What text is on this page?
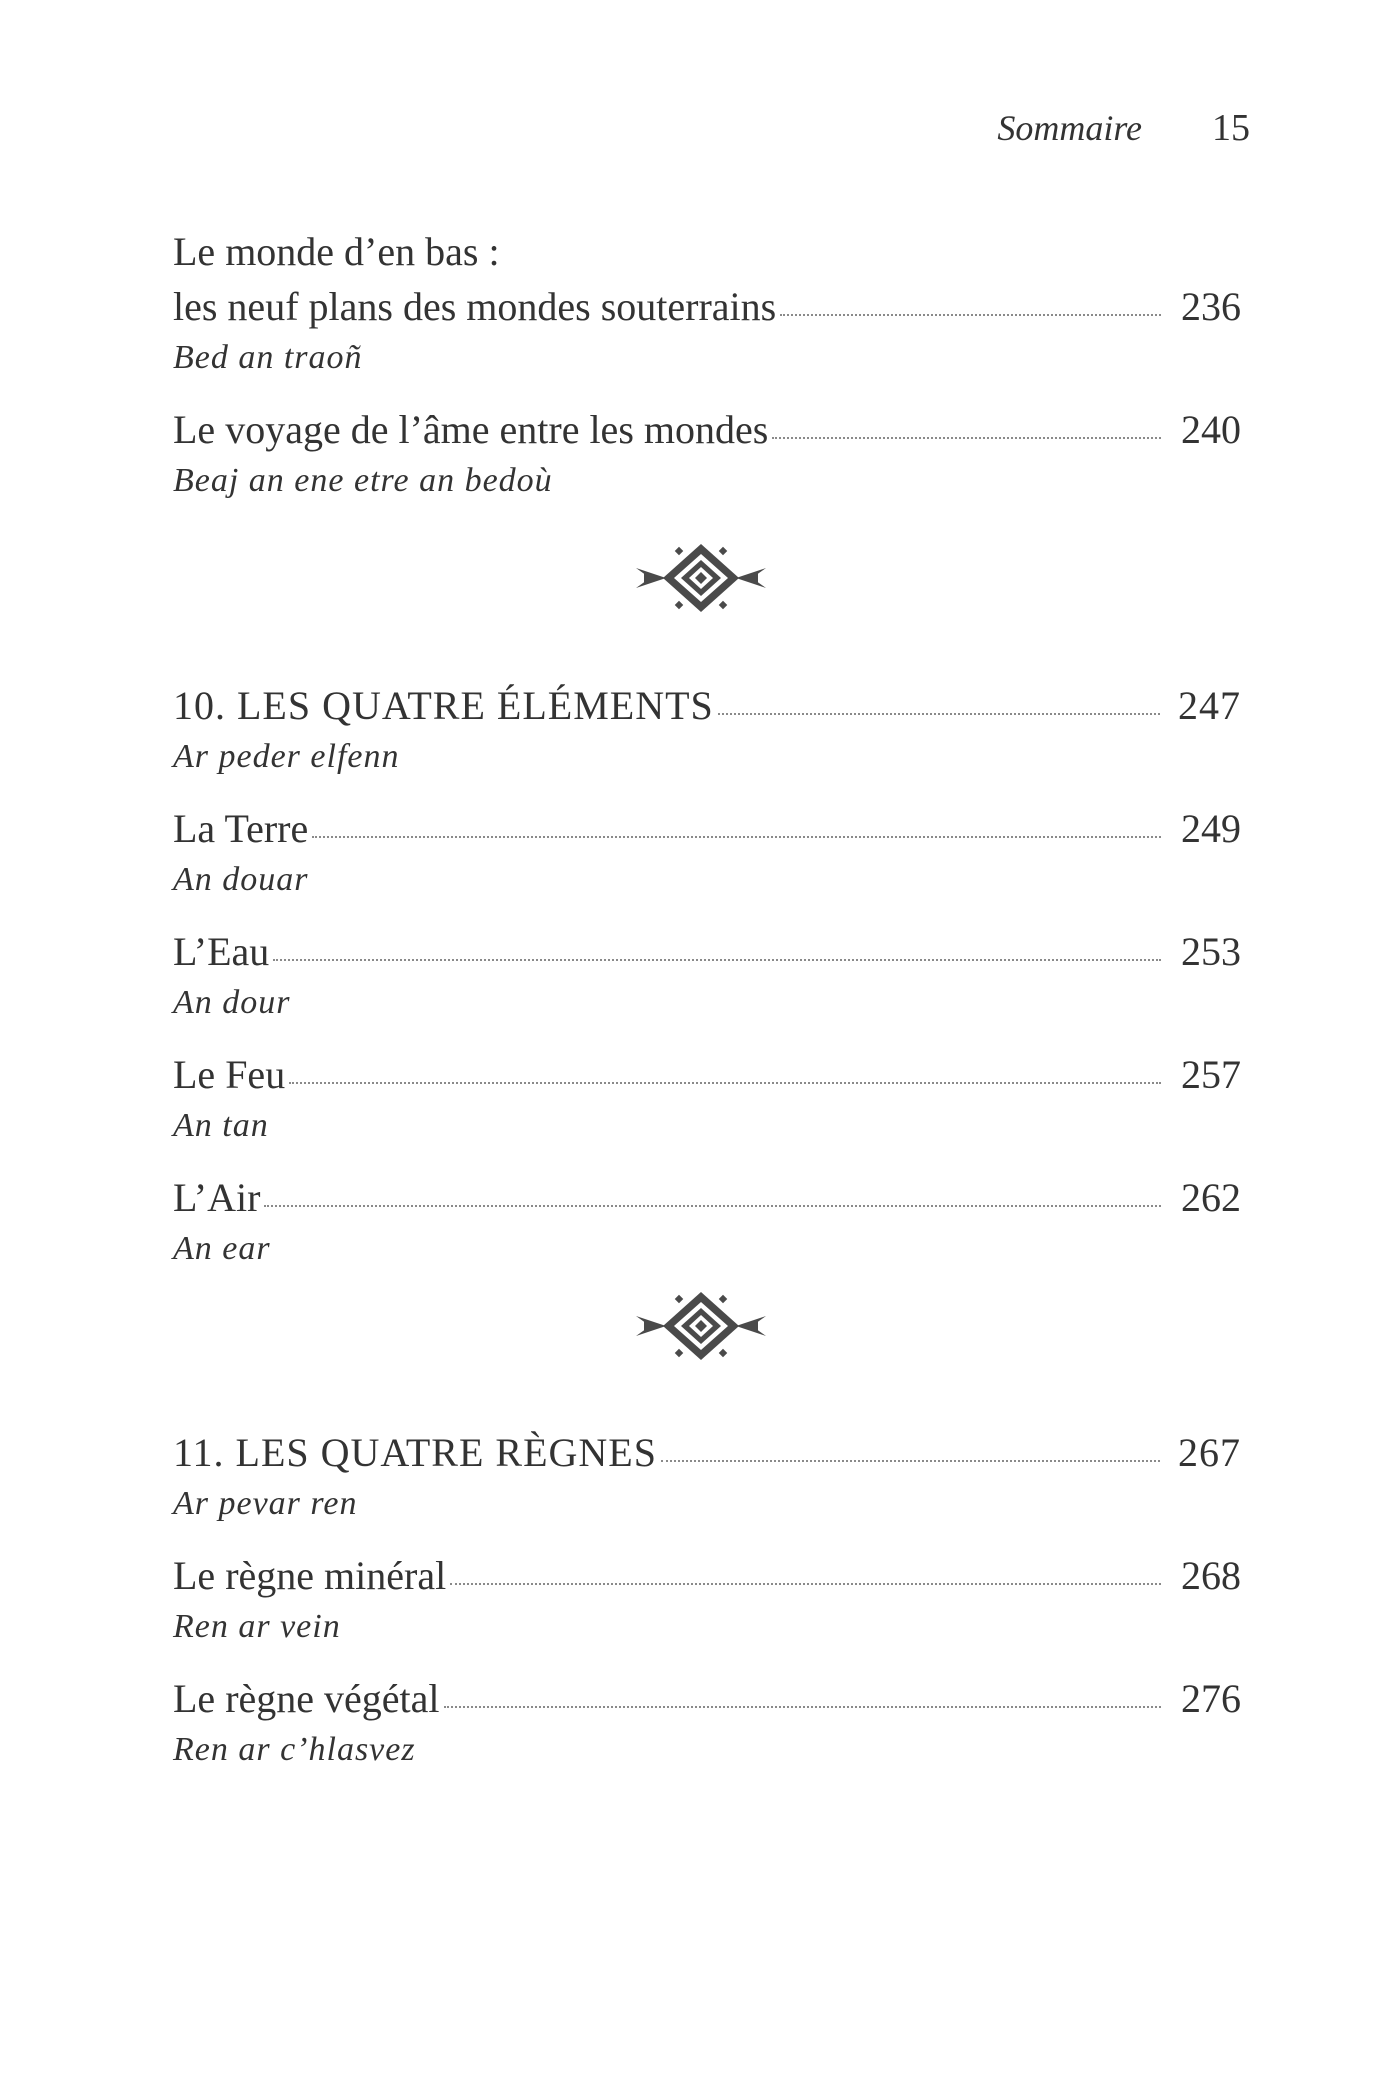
Sommaire 15
Le monde d’en bas :
les neuf plans des mondes souterrains	236
Bed an traoñ
Le voyage de l’âme entre les mondes	240
Beaj an ene etre an bedoù
10. LES QUATRE ÉLÉMENTS	247
Ar peder elfenn
La Terre	249
An douar
L’Eau	253
An dour
Le Feu	257
An tan
L’Air	262
An ear
11. LES QUATRE RÈGNES	267
Ar pevar ren
Le règne minéral	268
Ren ar vein
Le règne végétal	276
Ren ar c’hlasvez
